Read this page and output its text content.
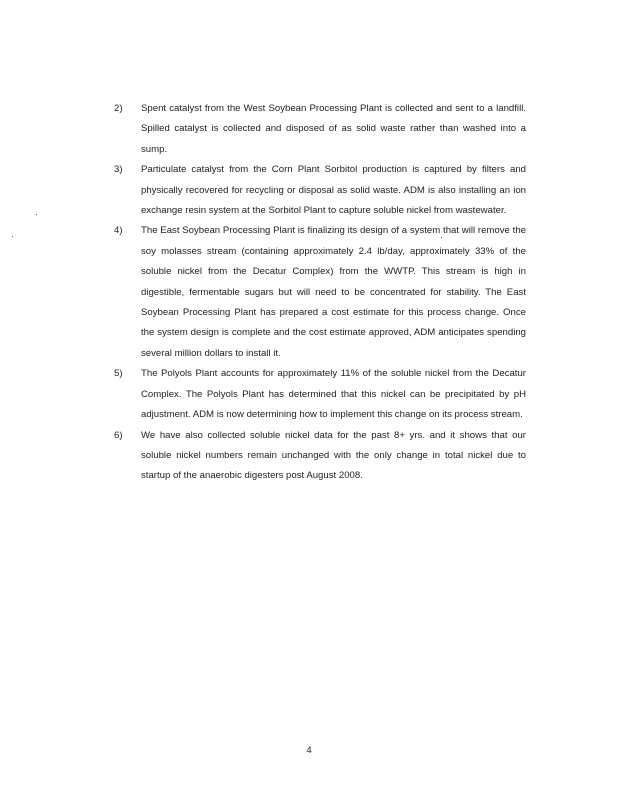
2)	Spent catalyst from the West Soybean Processing Plant is collected and sent to a landfill. Spilled catalyst is collected and disposed of as solid waste rather than washed into a sump.
3)	Particulate catalyst from the Corn Plant Sorbitol production is captured by filters and physically recovered for recycling or disposal as solid waste. ADM is also installing an ion exchange resin system at the Sorbitol Plant to capture soluble nickel from wastewater.
4)	The East Soybean Processing Plant is finalizing its design of a system that will remove the soy molasses stream (containing approximately 2.4 lb/day, approximately 33% of the soluble nickel from the Decatur Complex) from the WWTP. This stream is high in digestible, fermentable sugars but will need to be concentrated for stability. The East Soybean Processing Plant has prepared a cost estimate for this process change. Once the system design is complete and the cost estimate approved, ADM anticipates spending several million dollars to install it.
5)	The Polyols Plant accounts for approximately 11% of the soluble nickel from the Decatur Complex. The Polyols Plant has determined that this nickel can be precipitated by pH adjustment. ADM is now determining how to implement this change on its process stream.
6)	We have also collected soluble nickel data for the past 8+ yrs. and it shows that our soluble nickel numbers remain unchanged with the only change in total nickel due to startup of the anaerobic digesters post August 2008.
4
